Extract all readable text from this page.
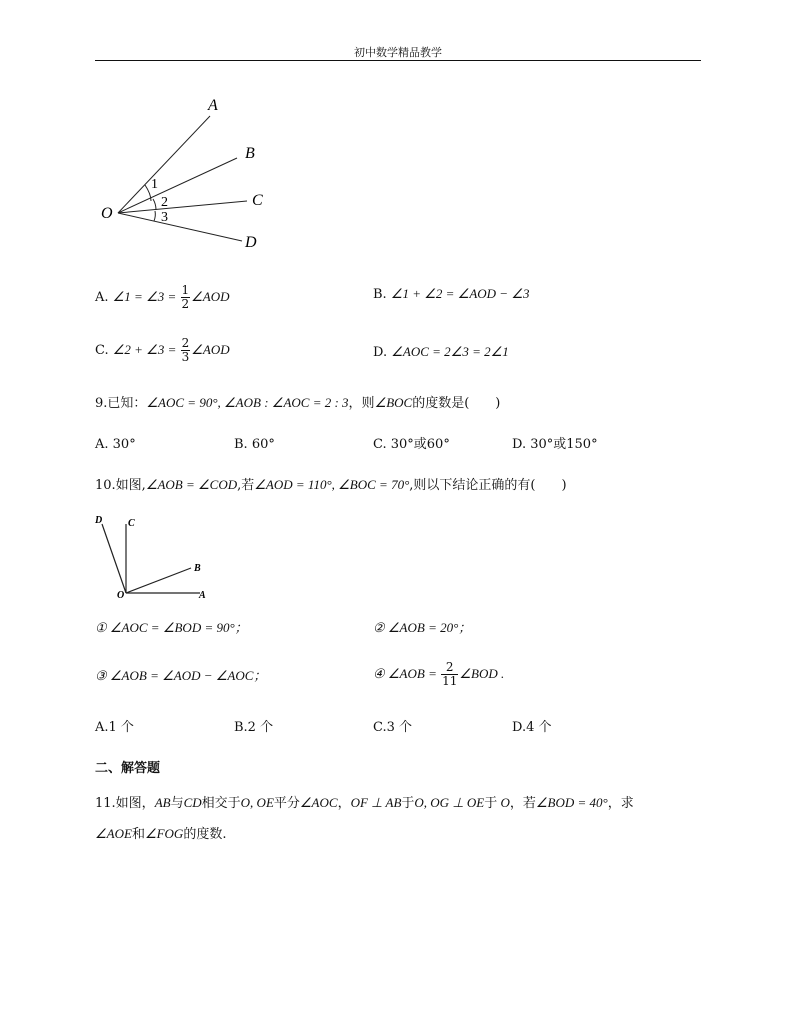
初中数学精品教学
A
B
C
D
O
1
2
3
A. ∠1 = ∠3 = $\frac{1}{2}$ ∠AOD	B. ∠1 + ∠2 = ∠AOD − ∠3
C. ∠2 + ∠3 = $\frac{2}{3}$ ∠AOD	D. ∠AOC = 2∠3 = 2∠1
9.已知：∠AOC = 90°, ∠AOB : ∠AOC = 2 : 3，则∠BOC的度数是(　　)
A. 30°	B. 60°	C. 30°或60°	D. 30°或150°
10.如图,∠AOB = ∠COD,若∠AOD = 110°, ∠BOC = 70°,则以下结论正确的有(　　)
D	C
B
O	A
① ∠AOC = ∠BOD = 90°；	② ∠AOB = 20°；
③ ∠AOB = ∠AOD − ∠AOC；	④ ∠AOB = $\frac{2}{11}$ ∠BOD .
A.1 个	B.2 个	C.3 个	D.4 个
二、解答题
11.如图，AB与CD相交于O, OE平分∠AOC，OF ⊥ AB于O, OG ⊥ OE于 O，若∠BOD = 40°，求
∠AOE和∠FOG的度数.
